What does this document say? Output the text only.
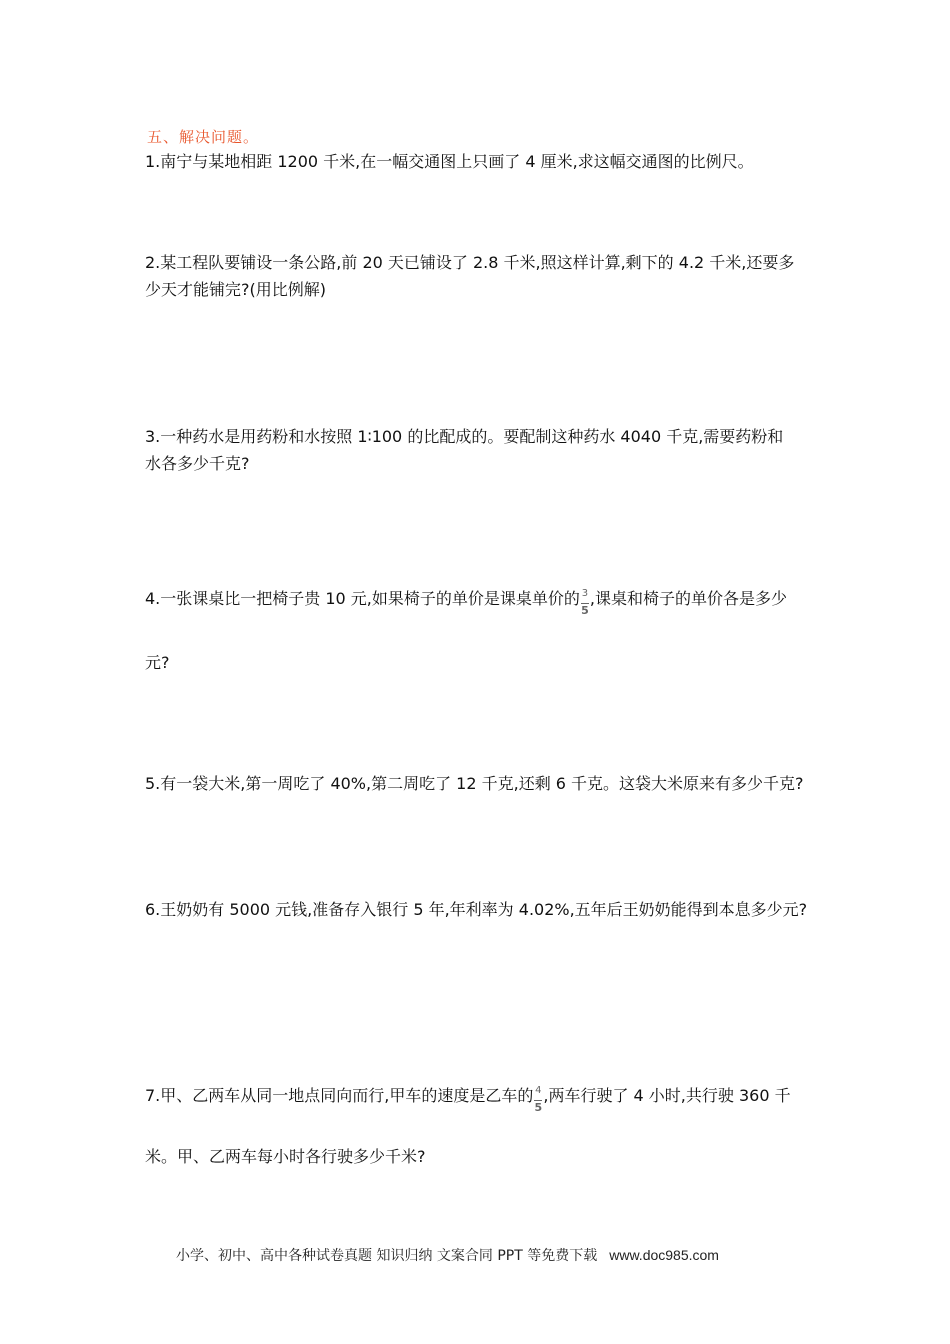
五、解决问题。
1.南宁与某地相距 1200 千米,在一幅交通图上只画了 4 厘米,求这幅交通图的比例尺。
2.某工程队要铺设一条公路,前 20 天已铺设了 2.8 千米,照这样计算,剩下的 4.2 千米,还要多
少天才能铺完?(用比例解)
3.一种药水是用药粉和水按照 1∶100 的比配成的。要配制这种药水 4040 千克,需要药粉和
水各多少千克?
4.一张课桌比一把椅子贵 10 元,如果椅子的单价是课桌单价的 $\frac{3}{5}$ ,课桌和椅子的单价各是多少
元?
5.有一袋大米,第一周吃了 40%,第二周吃了 12 千克,还剩 6 千克。这袋大米原来有多少千克?
6.王奶奶有 5000 元钱,准备存入银行 5 年,年利率为 4.02%,五年后王奶奶能得到本息多少元?
7.甲、乙两车从同一地点同向而行,甲车的速度是乙车的 $\frac{4}{5}$ ,两车行驶了 4 小时,共行驶 360 千
米。甲、乙两车每小时各行驶多少千米?
小学、初中、高中各种试卷真题 知识归纳 文案合同 PPT 等免费下载 www.doc985.com
